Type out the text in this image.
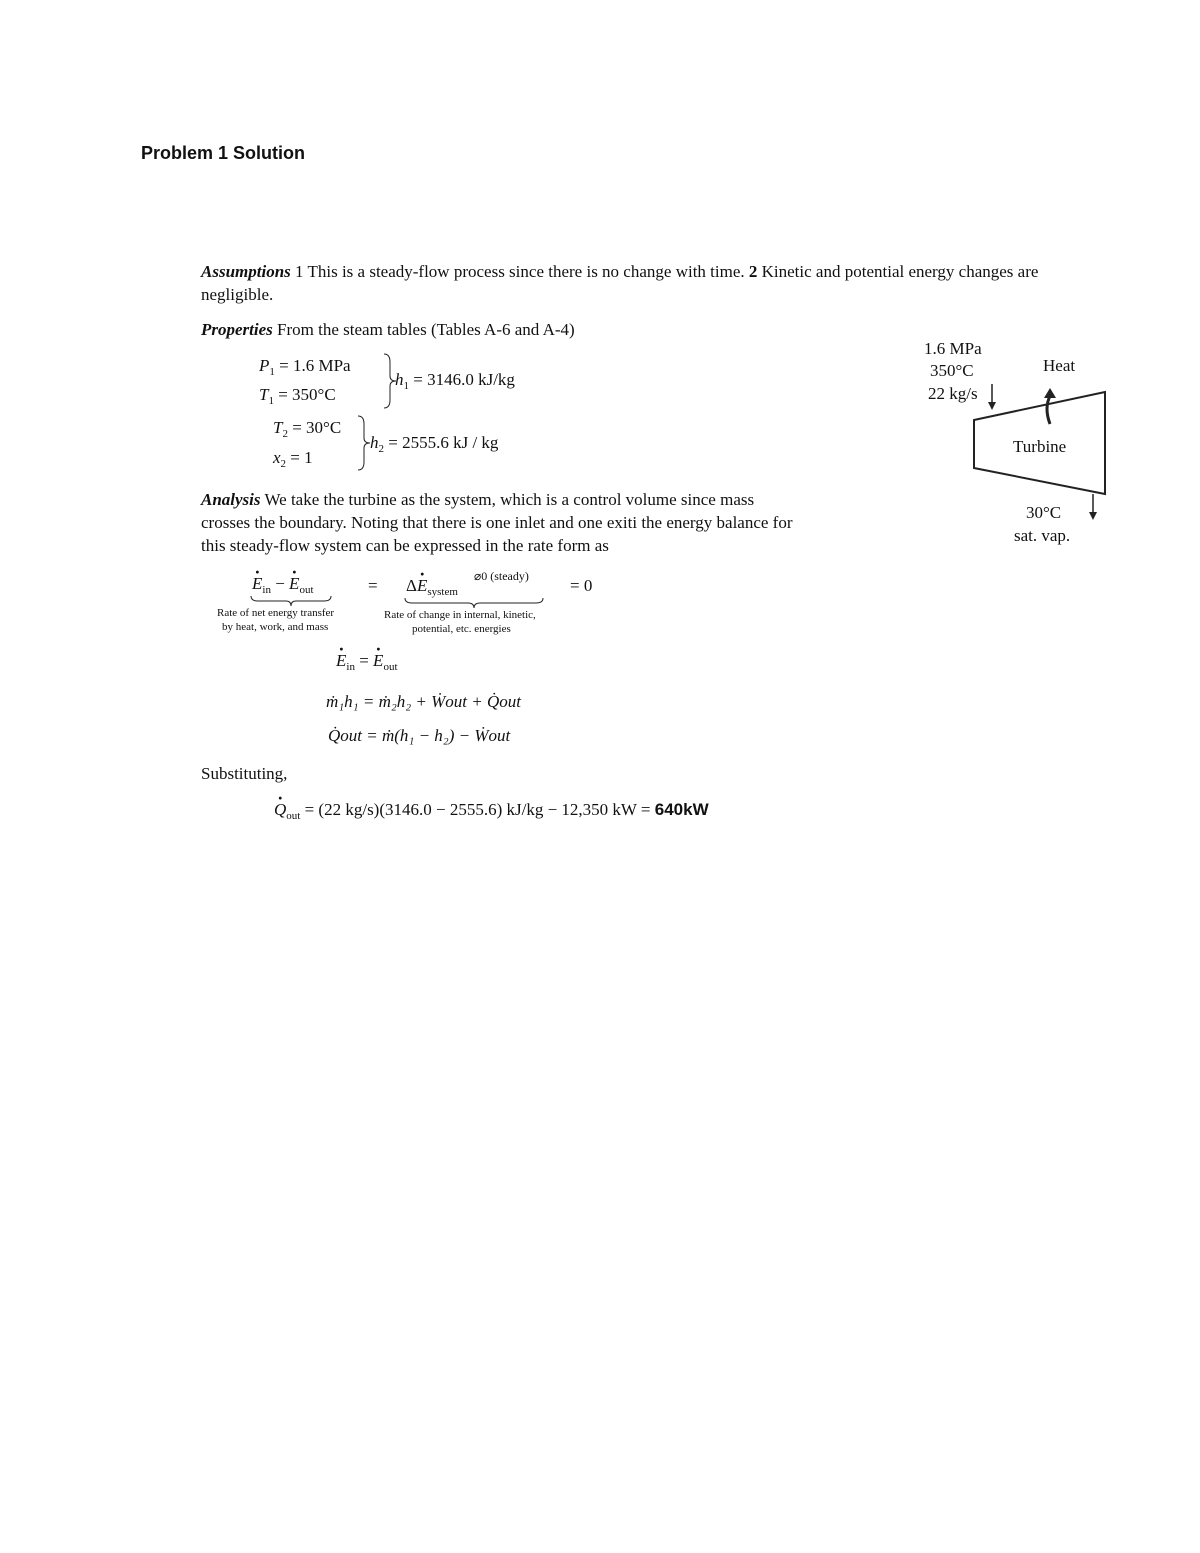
Problem 1 Solution
Assumptions 1 This is a steady-flow process since there is no change with time. 2 Kinetic and potential energy changes are
negligible.
Properties From the steam tables (Tables A-6 and A-4)
$P_1 = 1.6$ MPa
$T_1 = 350^\circ C$
$h_1 = 3146.0$ kJ/kg
$T_2 = 30^\circ C$
$x_2 = 1$
$h_2 = 2555.6$ kJ / kg
Analysis We take the turbine as the system, which is a control volume since mass
crosses the boundary. Noting that there is one inlet and one exiti the energy balance for
this steady-flow system can be expressed in the rate form as
· $E_{in}$ − · $E_{out}$	= $\Delta\cdot E_{system}$
⌀0 (steady) = 0
Rate of net energy transfer
by heat, work, and mass
Rate of change in internal, kinetic,
potential, etc. energies
· $E_{in}$ = · $E_{out}$
ṁ₁h₁ = ṁ₂h₂ + Ẇout + Q̇out
Q̇out = ṁ(h₁ − h₂) − Ẇout
Substituting,
· $Q_{out} = (22$ kg/s)(3146.0 − 2555.6) kJ/kg − 12,350 kW = 640kW
1.6 MPa
350°C
22 kg/s
Heat
Turbine
30°C
sat. vap.
